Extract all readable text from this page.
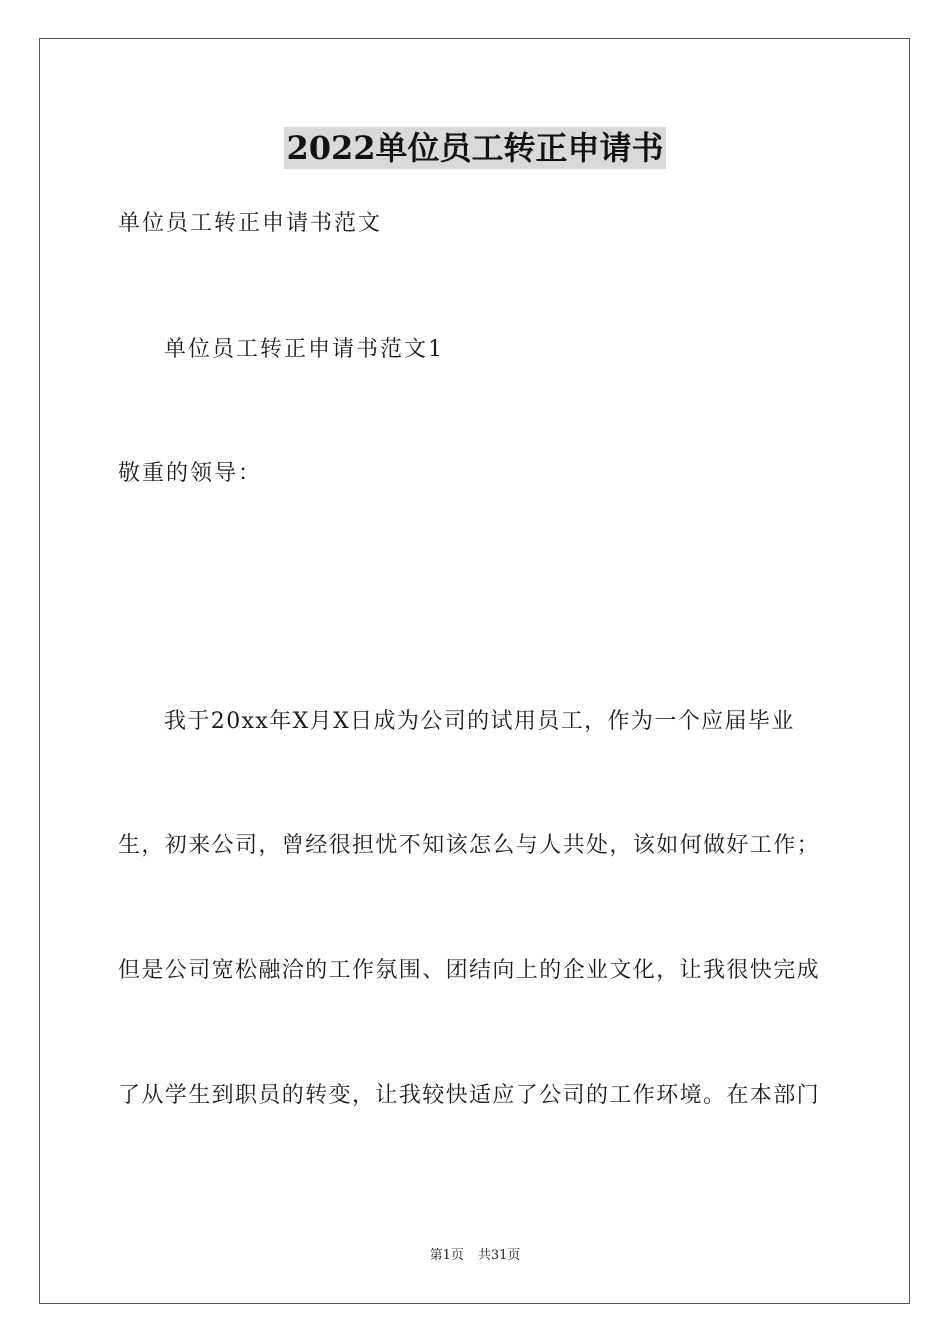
2022单位员工转正申请书
单位员工转正申请书范文
单位员工转正申请书范文1
敬重的领导：
我于20xx年X月X日成为公司的试用员工，作为一个应届毕业
生，初来公司，曾经很担忧不知该怎么与人共处，该如何做好工作；
但是公司宽松融洽的工作氛围、团结向上的企业文化，让我很快完成
了从学生到职员的转变，让我较快适应了公司的工作环境。在本部门
第1页 共31页
